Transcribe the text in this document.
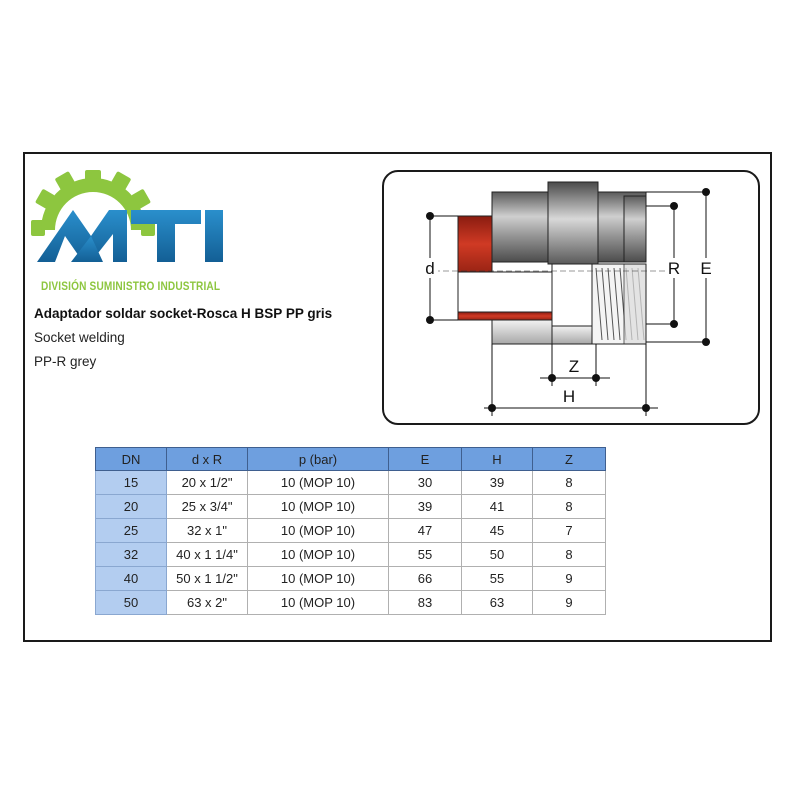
DIVISIÓN SUMINISTRO INDUSTRIAL
Adaptador soldar socket-Rosca H BSP PP gris
Socket welding
PP-R grey
d	R E
Z
H
DN	d x R	p (bar)	E	H	Z
15	20 x 1/2"	10 (MOP 10)	30	39	8
20	25 x 3/4"	10 (MOP 10)	39	41	8
25	32 x 1"	10 (MOP 10)	47	45	7
32	40 x 1 1/4"	10 (MOP 10)	55	50	8
40	50 x 1 1/2"	10 (MOP 10)	66	55	9
50	63 x 2"	10 (MOP 10)	83	63	9
